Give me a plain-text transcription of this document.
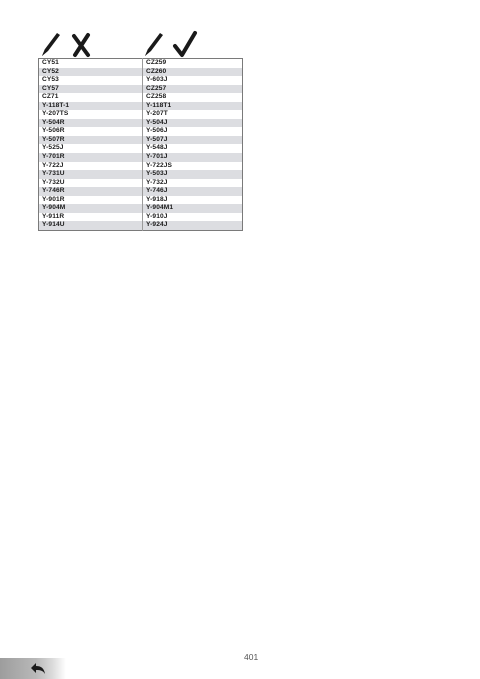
CY51	CZ259
CY52	CZ260
CY53	Y-603J
CY57	CZ257
CZ71	CZ258
Y-118T-1	Y-118T1
Y-207TS	Y-207T
Y-504R	Y-504J
Y-506R	Y-506J
Y-507R	Y-507J
Y-525J	Y-548J
Y-701R	Y-701J
Y-722J	Y-722JS
Y-731U	Y-503J
Y-732U	Y-732J
Y-746R	Y-746J
Y-901R	Y-918J
Y-904M	Y-904M1
Y-911R	Y-910J
Y-914U	Y-924J
401
